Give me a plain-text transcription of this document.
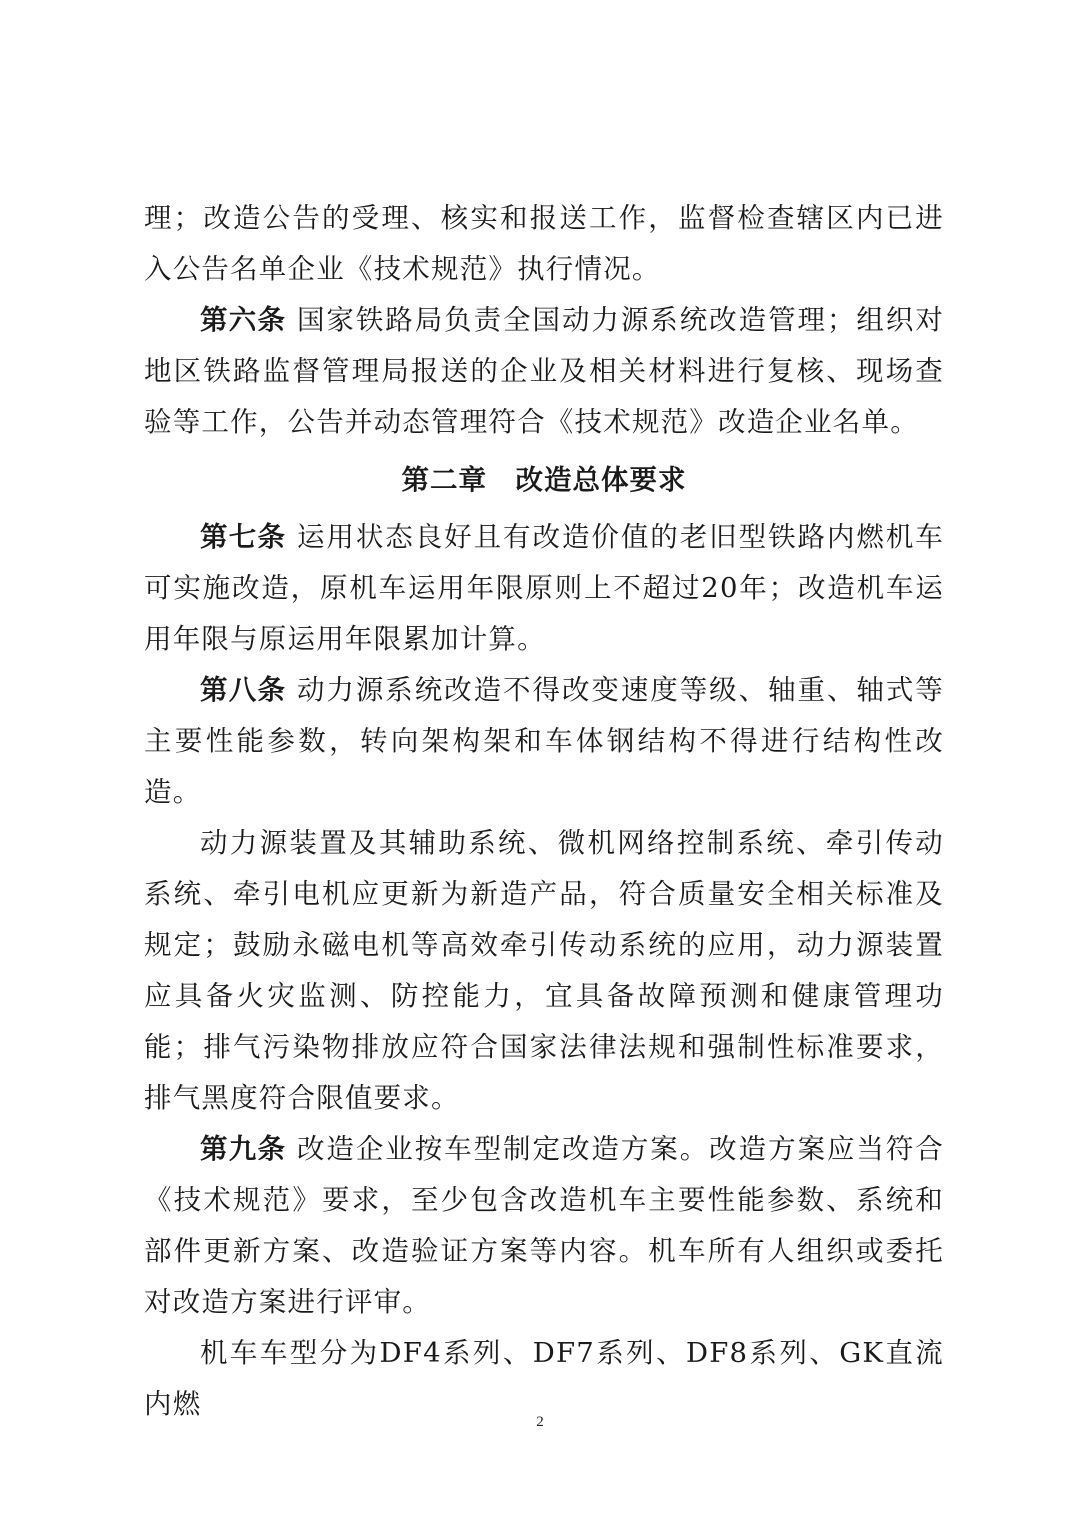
理；改造公告的受理、核实和报送工作，监督检查辖区内已进入公告名单企业《技术规范》执行情况。

第六条 国家铁路局负责全国动力源系统改造管理；组织对地区铁路监督管理局报送的企业及相关材料进行复核、现场查验等工作，公告并动态管理符合《技术规范》改造企业名单。

第二章　改造总体要求

第七条 运用状态良好且有改造价值的老旧型铁路内燃机车可实施改造，原机车运用年限原则上不超过20年；改造机车运用年限与原运用年限累加计算。

第八条 动力源系统改造不得改变速度等级、轴重、轴式等主要性能参数，转向架构架和车体钢结构不得进行结构性改造。

动力源装置及其辅助系统、微机网络控制系统、牵引传动系统、牵引电机应更新为新造产品，符合质量安全相关标准及规定；鼓励永磁电机等高效牵引传动系统的应用，动力源装置应具备火灾监测、防控能力，宜具备故障预测和健康管理功能；排气污染物排放应符合国家法律法规和强制性标准要求，排气黑度符合限值要求。

第九条 改造企业按车型制定改造方案。改造方案应当符合《技术规范》要求，至少包含改造机车主要性能参数、系统和部件更新方案、改造验证方案等内容。机车所有人组织或委托对改造方案进行评审。

机车车型分为DF4系列、DF7系列、DF8系列、GK直流内燃

2
